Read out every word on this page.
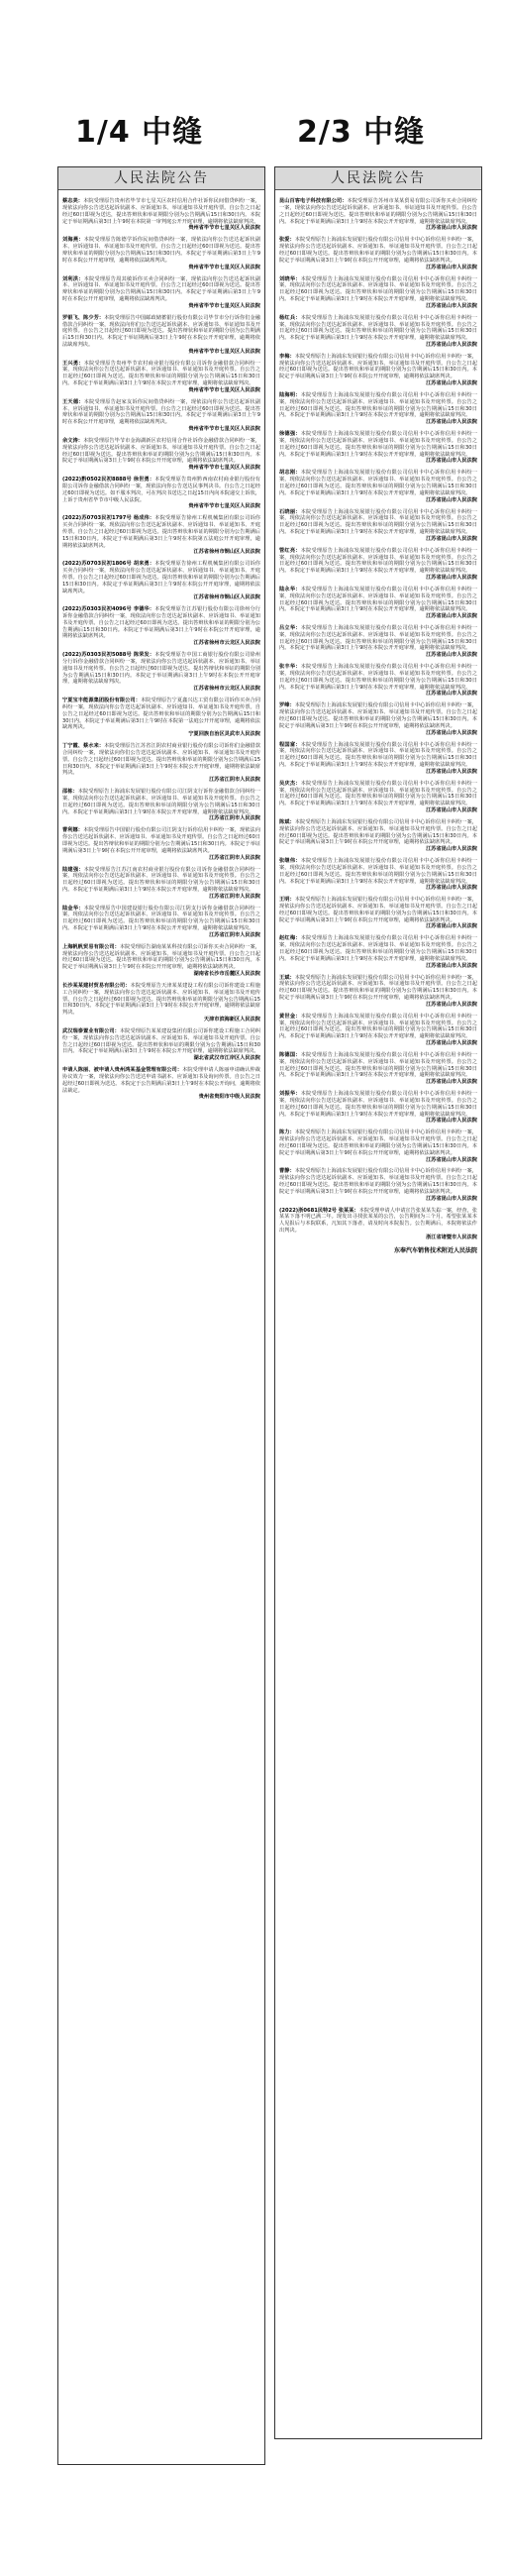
1/4 中缝	2/3 中缝
人民法院公告

蔡志美：本院受理原告贵州省毕节市七星关区农村信用合作社诉你民间借贷纠纷一案，现依法向你公告送达起诉状副本、应诉通知书、举证通知书及开庭传票。自公告之日起经过60日即视为送达，提出答辩状和举证期限分别为公告期满后15日和30日内。本院定于举证期满后第3日上午9时在本院第一审判庭公开开庭审理，逾期将依法缺席判决。
贵州省毕节市七星关区人民法院

刘海燕：本院受理原告陈德学诉你民间借贷纠纷一案，现依法向你公告送达起诉状副本、应诉通知书、举证通知书及开庭传票。自公告之日起经过60日即视为送达。提出答辩状和举证的期限分别为公告期满后15日和30日内。本院定于举证期满后第3日上午9时在本院公开开庭审理，逾期将依法缺席判决。
贵州省毕节市七星关区人民法院

刘利洪：本院受理原告周其敏诉你买卖合同纠纷一案，现依法向你公告送达起诉状副本、应诉通知书、举证通知书及开庭传票。自公告之日起经过60日即视为送达。提出答辩状和举证的期限分别为公告期满后15日和30日内。本院定于举证期满后第3日上午9时在本院公开开庭审理，逾期将依法缺席判决。
贵州省毕节市七星关区人民法院

罗银飞、陈少芳：本院受理原告中国邮政储蓄银行股份有限公司毕节市分行诉你们金融借款合同纠纷一案，现依法向你们公告送达起诉状副本、应诉通知书、举证通知书及开庭传票。自公告之日起经过60日即视为送达。提出答辩状和举证的期限分别为公告期满后15日和30日内。本院定于举证期满后第3日上午9时在本院公开开庭审理，逾期将依法缺席判决。
贵州省毕节市七星关区人民法院

王兴勇：本院受理原告贵州毕节农村商业银行股份有限公司诉你金融借款合同纠纷一案，现依法向你公告送达起诉状副本、应诉通知书、举证通知书及开庭传票。自公告之日起经过60日即视为送达。提出答辩状和举证的期限分别为公告期满后15日和30日内。本院定于举证期满后第3日上午9时在本院公开开庭审理，逾期将依法缺席判决。
贵州省毕节市七星关区人民法院

王天德：本院受理原告赵家友诉你民间借贷纠纷一案，现依法向你公告送达起诉状副本、应诉通知书、举证通知书及开庭传票。自公告之日起经过60日即视为送达。提出答辩状和举证的期限分别为公告期满后15日和30日内。本院定于举证期满后第3日上午9时在本院公开开庭审理，逾期将依法缺席判决。
贵州省毕节市七星关区人民法院

余文涛：本院受理原告毕节市金海湖新区农村信用合作社诉你金融借款合同纠纷一案，现依法向你公告送达起诉状副本、应诉通知书、举证通知书及开庭传票。自公告之日起经过60日即视为送达。提出答辩状和举证的期限分别为公告期满后15日和30日内。本院定于举证期满后第3日上午9时在本院公开开庭审理，逾期将依法缺席判决。
贵州省毕节市七星关区人民法院

(2022)黔0502民初8888号 徐世勇：本院受理原告贵州黔西南农村商业银行股份有限公司诉你金融借款合同纠纷一案，现依法向你公告送达民事判决书。自公告之日起经过60日即视为送达。如不服本判决，可在判决书送达之日起15日内向本院递交上诉状，上诉于贵州省毕节市中级人民法院。
贵州省毕节市七星关区人民法院

(2022)苏0703民初1797号 杨成伟：本院受理原告徐州工程机械集团有限公司诉你买卖合同纠纷一案，现依法向你公告送达起诉状副本、应诉通知书、举证通知书、开庭传票。自公告之日起经过60日即视为送达。提出答辩状和举证的期限分别为公告期满后15日和30日内。本院定于举证期满后第3日上午9时在本院第五法庭公开开庭审理，逾期将依法缺席判决。
江苏省徐州市铜山区人民法院

(2022)苏0703民初1806号 胡来勇：本院受理原告徐州工程机械集团有限公司诉你买卖合同纠纷一案，现依法向你公告送达起诉状副本、应诉通知书、举证通知书、开庭传票。自公告之日起经过60日即视为送达。提出答辩状和举证的期限分别为公告期满后15日和30日内。本院定于举证期满后第3日上午9时在本院公开开庭审理，逾期将依法缺席判决。
江苏省徐州市铜山区人民法院

(2022)苏0303民初4096号 李德华：本院受理原告江苏银行股份有限公司徐州分行诉你金融借款合同纠纷一案，现依法向你公告送达起诉状副本、应诉通知书、举证通知书及开庭传票。自公告之日起经过60日即视为送达。提出答辩状和举证的期限分别为公告期满后15日和30日内。本院定于举证期满后第3日上午9时在本院公开开庭审理，逾期将依法缺席判决。
江苏省徐州市云龙区人民法院

(2022)苏0303民初5088号 陈荣发：本院受理原告中国工商银行股份有限公司徐州分行诉你金融借款合同纠纷一案，现依法向你公告送达起诉状副本、应诉通知书、举证通知书及开庭传票。自公告之日起经过60日即视为送达。提出答辩状和举证的期限分别为公告期满后15日和30日内。本院定于举证期满后第3日上午9时在本院公开开庭审理，逾期将依法缺席判决。
江苏省徐州市云龙区人民法院

宁夏宝丰能源集团股份有限公司：本院受理原告宁夏鑫兴达工贸有限公司诉你买卖合同纠纷一案，现依法向你公告送达起诉状副本、应诉通知书、举证通知书及开庭传票。自公告之日起经过60日即视为送达。提出答辩状和举证的期限分别为公告期满后15日和30日内。本院定于举证期满后第3日上午9时在本院第一法庭公开开庭审理，逾期将依法缺席判决。
宁夏回族自治区灵武市人民法院

丁宁霞、蔡水来：本院受理原告江苏省江阴农村商业银行股份有限公司诉你们金融借款合同纠纷一案，现依法向你们公告送达起诉状副本、应诉通知书、举证通知书及开庭传票。自公告之日起经过60日即视为送达。提出答辩状和举证的期限分别为公告期满后15日和30日内。本院定于举证期满后第3日上午9时在本院公开开庭审理，逾期将依法缺席判决。
江苏省江阴市人民法院

邵栋：本院受理原告上海浦东发展银行股份有限公司江阴支行诉你金融借款合同纠纷一案，现依法向你公告送达起诉状副本、应诉通知书、举证通知书及开庭传票。自公告之日起经过60日即视为送达。提出答辩状和举证的期限分别为公告期满后15日和30日内。本院定于举证期满后第3日上午9时在本院公开开庭审理，逾期将依法缺席判决。
江苏省江阴市人民法院

曹利娜：本院受理原告中国银行股份有限公司江阴支行诉你信用卡纠纷一案，现依法向你公告送达起诉状副本、应诉通知书、举证通知书及开庭传票。自公告之日起经过60日即视为送达。提出答辩状和举证的期限分别为公告期满后15日和30日内。本院定于举证期满后第3日上午9时在本院公开开庭审理，逾期将依法缺席判决。
江苏省江阴市人民法院

陆建强：本院受理原告江苏江南农村商业银行股份有限公司诉你金融借款合同纠纷一案，现依法向你公告送达起诉状副本、应诉通知书、举证通知书及开庭传票。自公告之日起经过60日即视为送达。提出答辩状和举证的期限分别为公告期满后15日和30日内。本院定于举证期满后第3日上午9时在本院公开开庭审理，逾期将依法缺席判决。
江苏省江阴市人民法院

陆金华：本院受理原告中国建设银行股份有限公司江阴支行诉你金融借款合同纠纷一案，现依法向你公告送达起诉状副本、应诉通知书、举证通知书及开庭传票。自公告之日起经过60日即视为送达。提出答辩状和举证的期限分别为公告期满后15日和30日内。本院定于举证期满后第3日上午9时在本院公开开庭审理，逾期将依法缺席判决。
江苏省江阴市人民法院

上海帆帆贸易有限公司：本院受理原告湖南某某科技有限公司诉你买卖合同纠纷一案，现依法向你公告送达起诉状副本、应诉通知书、举证通知书及开庭传票。自公告之日起经过60日即视为送达。提出答辩状和举证的期限分别为公告期满后15日和30日内。本院定于举证期满后第3日上午9时在本院公开开庭审理，逾期将依法缺席判决。
湖南省长沙市岳麓区人民法院

长沙某某建材贸易有限公司：本院受理原告天津某某建设工程有限公司诉你建设工程施工合同纠纷一案，现依法向你公告送达起诉状副本、应诉通知书、举证通知书及开庭传票。自公告之日起经过60日即视为送达。提出答辩状和举证的期限分别为公告期满后15日和30日内。本院定于举证期满后第3日上午9时在本院公开开庭审理，逾期将依法缺席判决。
天津市滨海新区人民法院

武汉瑞泰置业有限公司：本院受理原告某某建设集团有限公司诉你建设工程施工合同纠纷一案，现依法向你公告送达起诉状副本、应诉通知书、举证通知书及开庭传票。自公告之日起经过60日即视为送达。提出答辩状和举证的期限分别为公告期满后15日和30日内。本院定于举证期满后第3日上午9时在本院公开开庭审理，逾期将依法缺席判决。
湖北省武汉市江岸区人民法院

申请人陈丽、被申请人贵州鸿某基金管理有限公司：本院受理申请人陈丽申请确认仲裁协议效力一案，现依法向你公告送达申请书副本、应诉通知书及询问传票。自公告之日起经过60日即视为送达。本院定于公告期满后第3日上午9时在本院公开询问，逾期将依法裁定。
贵州省贵阳市中级人民法院

人民法院公告

昆山百客电子科技有限公司：本院受理原告苏州市某某贸易有限公司诉你买卖合同纠纷一案，现依法向你公告送达起诉状副本、应诉通知书、举证通知书及开庭传票。自公告之日起经过60日即视为送达。提出答辩状和举证的期限分别为公告期满后15日和30日内。本院定于举证期满后第3日上午9时在本院公开开庭审理，逾期将依法缺席判决。
江苏省昆山市人民法院

张爱：本院受理原告上海浦东发展银行股份有限公司信用卡中心诉你信用卡纠纷一案，现依法向你公告送达起诉状副本、应诉通知书、举证通知书及开庭传票。自公告之日起经过60日即视为送达。提出答辩状和举证的期限分别为公告期满后15日和30日内。本院定于举证期满后第3日上午9时在本院公开开庭审理，逾期将依法缺席判决。
江苏省昆山市人民法院

刘晓华：本院受理原告上海浦东发展银行股份有限公司信用卡中心诉你信用卡纠纷一案，现依法向你公告送达起诉状副本、应诉通知书、举证通知书及开庭传票。自公告之日起经过60日即视为送达。提出答辩状和举证的期限分别为公告期满后15日和30日内。本院定于举证期满后第3日上午9时在本院公开开庭审理，逾期将依法缺席判决。
江苏省昆山市人民法院

杨红兵：本院受理原告上海浦东发展银行股份有限公司信用卡中心诉你信用卡纠纷一案，现依法向你公告送达起诉状副本、应诉通知书、举证通知书及开庭传票。自公告之日起经过60日即视为送达。提出答辩状和举证的期限分别为公告期满后15日和30日内。本院定于举证期满后第3日上午9时在本院公开开庭审理，逾期将依法缺席判决。
江苏省昆山市人民法院

李梅：本院受理原告上海浦东发展银行股份有限公司信用卡中心诉你信用卡纠纷一案，现依法向你公告送达起诉状副本、应诉通知书、举证通知书及开庭传票。自公告之日起经过60日即视为送达。提出答辩状和举证的期限分别为公告期满后15日和30日内。本院定于举证期满后第3日上午9时在本院公开开庭审理，逾期将依法缺席判决。
江苏省昆山市人民法院

陆海明：本院受理原告上海浦东发展银行股份有限公司信用卡中心诉你信用卡纠纷一案，现依法向你公告送达起诉状副本、应诉通知书、举证通知书及开庭传票。自公告之日起经过60日即视为送达。提出答辩状和举证的期限分别为公告期满后15日和30日内。本院定于举证期满后第3日上午9时在本院公开开庭审理，逾期将依法缺席判决。
江苏省昆山市人民法院

徐德强：本院受理原告上海浦东发展银行股份有限公司信用卡中心诉你信用卡纠纷一案，现依法向你公告送达起诉状副本、应诉通知书、举证通知书及开庭传票。自公告之日起经过60日即视为送达。提出答辩状和举证的期限分别为公告期满后15日和30日内。本院定于举证期满后第3日上午9时在本院公开开庭审理，逾期将依法缺席判决。
江苏省昆山市人民法院

胡志刚：本院受理原告上海浦东发展银行股份有限公司信用卡中心诉你信用卡纠纷一案，现依法向你公告送达起诉状副本、应诉通知书、举证通知书及开庭传票。自公告之日起经过60日即视为送达。提出答辩状和举证的期限分别为公告期满后15日和30日内。本院定于举证期满后第3日上午9时在本院公开开庭审理，逾期将依法缺席判决。
江苏省昆山市人民法院

石晓丽：本院受理原告上海浦东发展银行股份有限公司信用卡中心诉你信用卡纠纷一案，现依法向你公告送达起诉状副本、应诉通知书、举证通知书及开庭传票。自公告之日起经过60日即视为送达。提出答辩状和举证的期限分别为公告期满后15日和30日内。本院定于举证期满后第3日上午9时在本院公开开庭审理，逾期将依法缺席判决。
江苏省昆山市人民法院

管红亮：本院受理原告上海浦东发展银行股份有限公司信用卡中心诉你信用卡纠纷一案，现依法向你公告送达起诉状副本、应诉通知书、举证通知书及开庭传票。自公告之日起经过60日即视为送达。提出答辩状和举证的期限分别为公告期满后15日和30日内。本院定于举证期满后第3日上午9时在本院公开开庭审理，逾期将依法缺席判决。
江苏省昆山市人民法院

陆永华：本院受理原告上海浦东发展银行股份有限公司信用卡中心诉你信用卡纠纷一案，现依法向你公告送达起诉状副本、应诉通知书、举证通知书及开庭传票。自公告之日起经过60日即视为送达。提出答辩状和举证的期限分别为公告期满后15日和30日内。本院定于举证期满后第3日上午9时在本院公开开庭审理，逾期将依法缺席判决。
江苏省昆山市人民法院

吕立华：本院受理原告上海浦东发展银行股份有限公司信用卡中心诉你信用卡纠纷一案，现依法向你公告送达起诉状副本、应诉通知书、举证通知书及开庭传票。自公告之日起经过60日即视为送达。提出答辩状和举证的期限分别为公告期满后15日和30日内。本院定于举证期满后第3日上午9时在本院公开开庭审理，逾期将依法缺席判决。
江苏省昆山市人民法院

张丰华：本院受理原告上海浦东发展银行股份有限公司信用卡中心诉你信用卡纠纷一案，现依法向你公告送达起诉状副本、应诉通知书、举证通知书及开庭传票。自公告之日起经过60日即视为送达。提出答辩状和举证的期限分别为公告期满后15日和30日内。本院定于举证期满后第3日上午9时在本院公开开庭审理，逾期将依法缺席判决。
江苏省昆山市人民法院

罗峰：本院受理原告上海浦东发展银行股份有限公司信用卡中心诉你信用卡纠纷一案，现依法向你公告送达起诉状副本、应诉通知书、举证通知书及开庭传票。自公告之日起经过60日即视为送达。提出答辩状和举证的期限分别为公告期满后15日和30日内。本院定于举证期满后第3日上午9时在本院公开开庭审理，逾期将依法缺席判决。
江苏省昆山市人民法院

程国富：本院受理原告上海浦东发展银行股份有限公司信用卡中心诉你信用卡纠纷一案，现依法向你公告送达起诉状副本、应诉通知书、举证通知书及开庭传票。自公告之日起经过60日即视为送达。提出答辩状和举证的期限分别为公告期满后15日和30日内。本院定于举证期满后第3日上午9时在本院公开开庭审理，逾期将依法缺席判决。
江苏省昆山市人民法院

吴庆杰：本院受理原告上海浦东发展银行股份有限公司信用卡中心诉你信用卡纠纷一案，现依法向你公告送达起诉状副本、应诉通知书、举证通知书及开庭传票。自公告之日起经过60日即视为送达。提出答辩状和举证的期限分别为公告期满后15日和30日内。本院定于举证期满后第3日上午9时在本院公开开庭审理，逾期将依法缺席判决。
江苏省昆山市人民法院

陈斌：本院受理原告上海浦东发展银行股份有限公司信用卡中心诉你信用卡纠纷一案，现依法向你公告送达起诉状副本、应诉通知书、举证通知书及开庭传票。自公告之日起经过60日即视为送达。提出答辩状和举证的期限分别为公告期满后15日和30日内。本院定于举证期满后第3日上午9时在本院公开开庭审理，逾期将依法缺席判决。
江苏省昆山市人民法院

张继伟：本院受理原告上海浦东发展银行股份有限公司信用卡中心诉你信用卡纠纷一案，现依法向你公告送达起诉状副本、应诉通知书、举证通知书及开庭传票。自公告之日起经过60日即视为送达。提出答辩状和举证的期限分别为公告期满后15日和30日内。本院定于举证期满后第3日上午9时在本院公开开庭审理，逾期将依法缺席判决。
江苏省昆山市人民法院

王明：本院受理原告上海浦东发展银行股份有限公司信用卡中心诉你信用卡纠纷一案，现依法向你公告送达起诉状副本、应诉通知书、举证通知书及开庭传票。自公告之日起经过60日即视为送达。提出答辩状和举证的期限分别为公告期满后15日和30日内。本院定于举证期满后第3日上午9时在本院公开开庭审理，逾期将依法缺席判决。
江苏省昆山市人民法院

赵红梅：本院受理原告上海浦东发展银行股份有限公司信用卡中心诉你信用卡纠纷一案，现依法向你公告送达起诉状副本、应诉通知书、举证通知书及开庭传票。自公告之日起经过60日即视为送达。提出答辩状和举证的期限分别为公告期满后15日和30日内。本院定于举证期满后第3日上午9时在本院公开开庭审理，逾期将依法缺席判决。
江苏省昆山市人民法院

王斌：本院受理原告上海浦东发展银行股份有限公司信用卡中心诉你信用卡纠纷一案，现依法向你公告送达起诉状副本、应诉通知书、举证通知书及开庭传票。自公告之日起经过60日即视为送达。提出答辩状和举证的期限分别为公告期满后15日和30日内。本院定于举证期满后第3日上午9时在本院公开开庭审理，逾期将依法缺席判决。
江苏省昆山市人民法院

黄世金：本院受理原告上海浦东发展银行股份有限公司信用卡中心诉你信用卡纠纷一案，现依法向你公告送达起诉状副本、应诉通知书、举证通知书及开庭传票。自公告之日起经过60日即视为送达。提出答辩状和举证的期限分别为公告期满后15日和30日内。本院定于举证期满后第3日上午9时在本院公开开庭审理，逾期将依法缺席判决。
江苏省昆山市人民法院

陈德国：本院受理原告上海浦东发展银行股份有限公司信用卡中心诉你信用卡纠纷一案，现依法向你公告送达起诉状副本、应诉通知书、举证通知书及开庭传票。自公告之日起经过60日即视为送达。提出答辩状和举证的期限分别为公告期满后15日和30日内。本院定于举证期满后第3日上午9时在本院公开开庭审理，逾期将依法缺席判决。
江苏省昆山市人民法院

刘振华：本院受理原告上海浦东发展银行股份有限公司信用卡中心诉你信用卡纠纷一案，现依法向你公告送达起诉状副本、应诉通知书、举证通知书及开庭传票。自公告之日起经过60日即视为送达。提出答辩状和举证的期限分别为公告期满后15日和30日内。本院定于举证期满后第3日上午9时在本院公开开庭审理，逾期将依法缺席判决。
江苏省昆山市人民法院

陈力：本院受理原告上海浦东发展银行股份有限公司信用卡中心诉你信用卡纠纷一案，现依法向你公告送达起诉状副本、应诉通知书、举证通知书及开庭传票。自公告之日起经过60日即视为送达。提出答辩状和举证的期限分别为公告期满后15日和30日内。本院定于举证期满后第3日上午9时在本院公开开庭审理，逾期将依法缺席判决。
江苏省昆山市人民法院

曹静：本院受理原告上海浦东发展银行股份有限公司信用卡中心诉你信用卡纠纷一案，现依法向你公告送达起诉状副本、应诉通知书、举证通知书及开庭传票。自公告之日起经过60日即视为送达。提出答辩状和举证的期限分别为公告期满后15日和30日内。本院定于举证期满后第3日上午9时在本院公开开庭审理，逾期将依法缺席判决。
江苏省昆山市人民法院

(2022)浙0681民特2号 张某某：本院受理申请人申请宣告张某某失踪一案，经查，张某某下落不明已满二年。现发出寻找张某某的公告，公告期间为三个月。希望张某某本人见报后与本院联系，凡知其下落者，请及时向本院报告。公告期满后，本院将依法作出判决。
浙江省诸暨市人民法院

东奉汽车销售技术附近人民法院
